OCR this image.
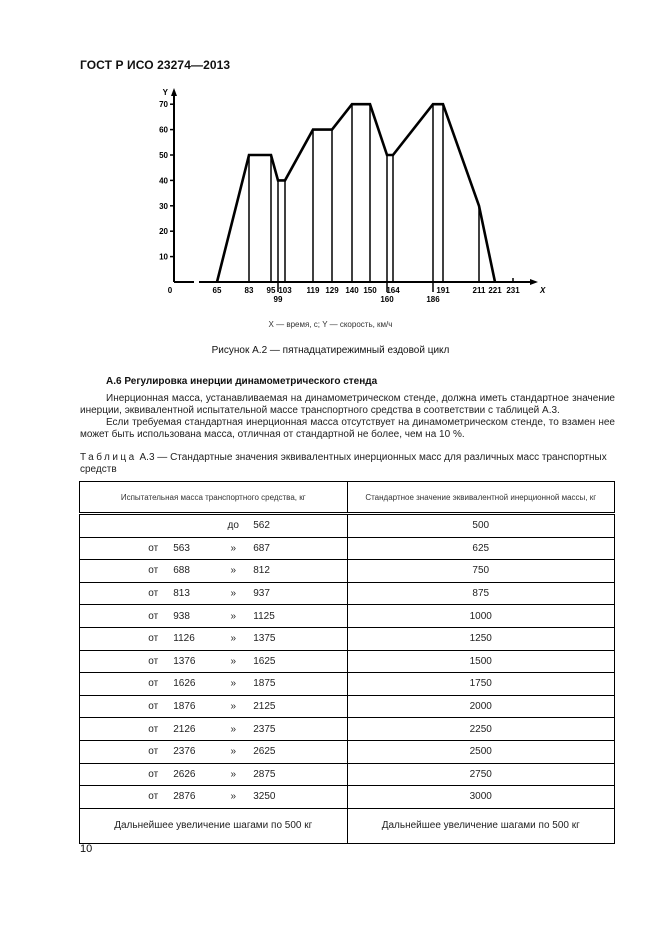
ГОСТ Р ИСО 23274—2013
Y
X
10
20
30
40
50
60
70
0	65	83 95
99
103 119 129 140 150
160
164
186
191	211 221 231
X — время, с; Y — скорость, км/ч
Рисунок А.2 — пятнадцатирежимный ездовой цикл
А.6 Регулировка инерции динамометрического стенда
Инерционная масса, устанавливаемая на динамометрическом стенде, должна иметь стандартное значение инерции, эквивалентной испытательной массе транспортного средства в соответствии с таблицей А.3.
Если требуемая стандартная инерционная масса отсутствует на динамометрическом стенде, то взамен нее может быть использована масса, отличная от стандартной не более, чем на 10 %.
Таблица А.3 — Стандартные значения эквивалентных инерционных масс для различных масс транспортных средств
Испытательная масса транспортного средства, кг	Стандартное значение эквивалентной инерционной массы, кг

до 562	500

от 563 » 687	625

от 688 » 812	750

от 813 » 937	875

от 938 » 1125	1000

от 1126 » 1375	1250

от 1376 » 1625	1500

от 1626 » 1875	1750

от 1876 » 2125	2000

от 2126 » 2375	2250

от 2376 » 2625	2500

от 2626 » 2875	2750

от 2876 » 3250	3000
Дальнейшее увеличение шагами по 500 кг	Дальнейшее увеличение шагами по 500 кг
10
